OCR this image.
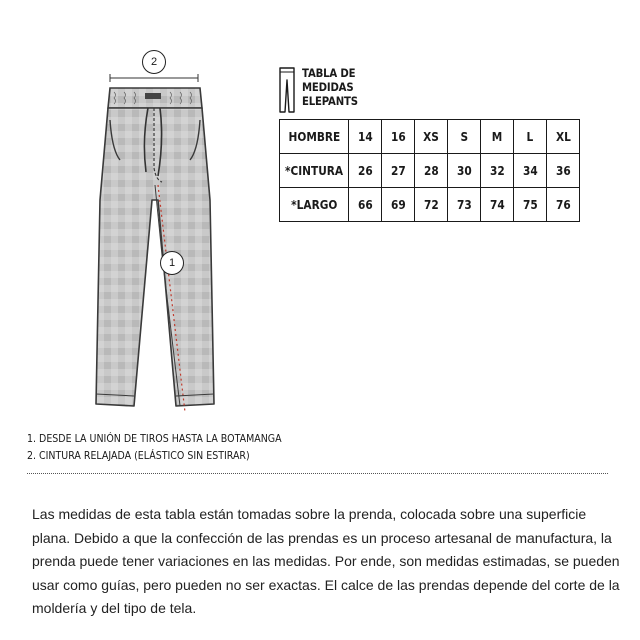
2
1
TABLA DE
MEDIDAS
ELEPANTS
HOMBRE	14	16	XS	S	M	L	XL
*CINTURA	26	27	28	30	32	34	36
*LARGO	66	69	72	73	74	75	76
1. DESDE LA UNIÓN DE TIROS HASTA LA BOTAMANGA
2. CINTURA RELAJADA (ELÁSTICO SIN ESTIRAR)

Las medidas de esta tabla están tomadas sobre la prenda, colocada sobre una superficie plana. Debido a que la confección de las prendas es un proceso artesanal de manufactura, la prenda puede tener variaciones en las medidas. Por ende, son medidas estimadas, se pueden usar como guías, pero pueden no ser exactas. El calce de las prendas depende del corte de la moldería y del tipo de tela.
